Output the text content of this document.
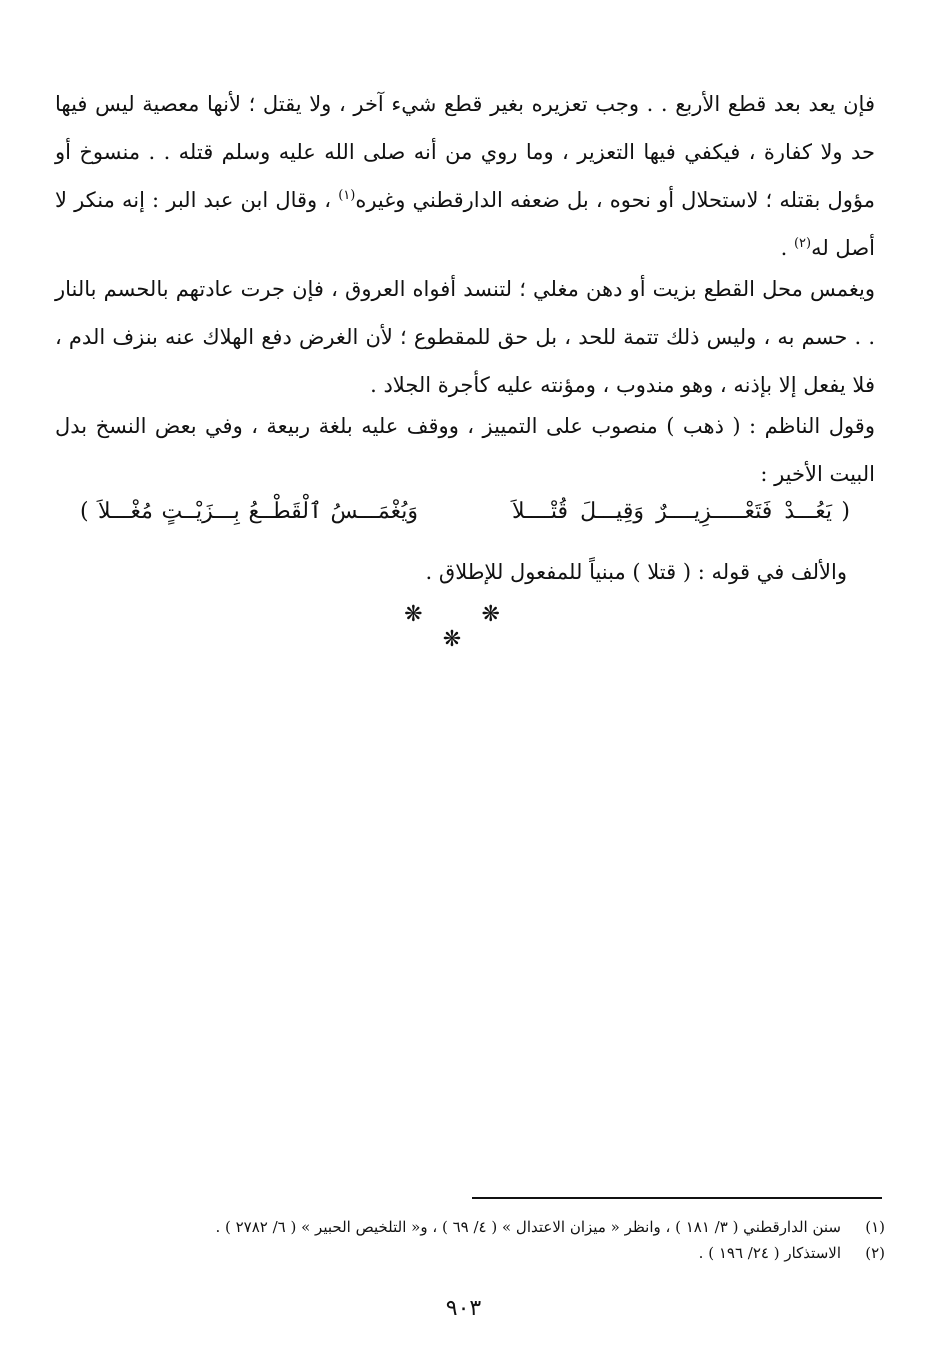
فإن يعد بعد قطع الأربع . . وجب تعزيره بغير قطع شيء آخر ، ولا يقتل ؛ لأنها معصية ليس فيها حد ولا كفارة ، فيكفي فيها التعزير ، وما روي من أنه صلى الله عليه وسلم قتله . . منسوخ أو مؤول بقتله ؛ لاستحلال أو نحوه ، بل ضعفه الدارقطني وغيره$^{(١)}$ ، وقال ابن عبد البر : إنه منكر لا أصل له$^{(٢)}$ .

ويغمس محل القطع بزيت أو دهن مغلي ؛ لتنسد أفواه العروق ، فإن جرت عادتهم بالحسم بالنار . . حسم به ، وليس ذلك تتمة للحد ، بل حق للمقطوع ؛ لأن الغرض دفع الهلاك عنه بنزف الدم ، فلا يفعل إلا بإذنه ، وهو مندوب ، ومؤنته عليه كأجرة الجلاد .

وقول الناظم : ( ذهب ) منصوب على التمييز ، ووقف عليه بلغة ربيعة ، وفي بعض النسخ بدل البيت الأخير :

(
يَعُـــدْ فَتَعْـــــزِيــــرٌ وَقِيـــلَ قُتْــــلاَ
وَيُغْمَـــسُ ٱلْقَطْــعُ بِـــزَيْــتٍ مُغْـــلاَ
)

والألف في قوله : ( قتلا ) مبنياً للمفعول للإطلاق .

❋ ❋ ❋
(١)سنن الدارقطني ( ٣/ ١٨١ ) ، وانظر « ميزان الاعتدال » ( ٤/ ٦٩ ) ، و« التلخيص الحبير » ( ٦/ ٢٧٨٢ ) .
(٢)الاستذكار ( ٢٤/ ١٩٦ ) .
٩٠٣
